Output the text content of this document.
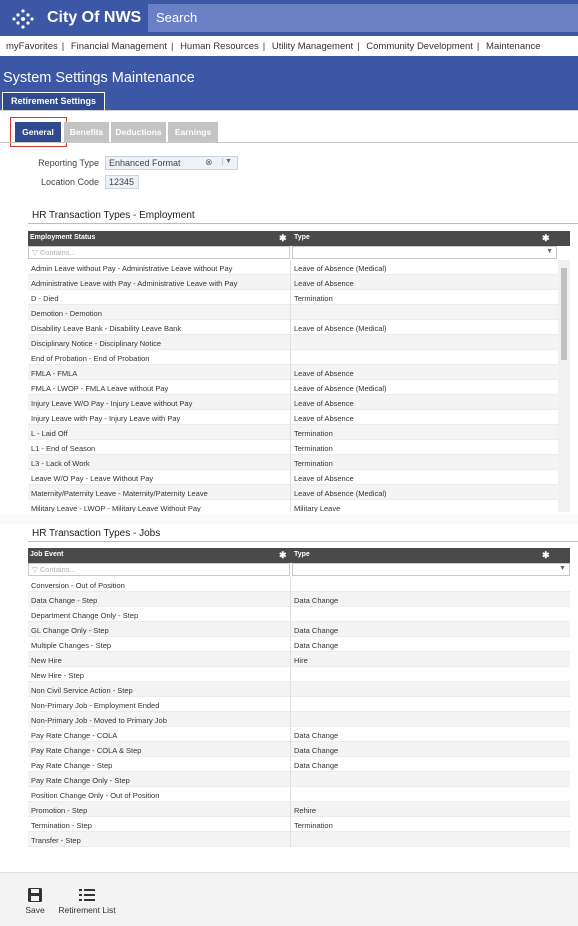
City Of NWS	Search
myFavorites | Financial Management | Human Resources | Utility Management | Community Development | Maintenance
System Settings Maintenance
Retirement Settings
General	Benefits	Deductions	Earnings
Reporting Type	Enhanced Format	⊗	▼
Location Code	12345
HR Transaction Types - Employment
Employment Status	✱ Type	✱
▽ Contains...	▼
Admin Leave without Pay - Administrative Leave without Pay	Leave of Absence (Medical)
Administrative Leave with Pay - Administrative Leave with Pay	Leave of Absence
D - Died	Termination
Demotion - Demotion
Disability Leave Bank - Disability Leave Bank	Leave of Absence (Medical)
Disciplinary Notice - Disciplinary Notice
End of Probation - End of Probation
FMLA - FMLA	Leave of Absence
FMLA - LWOP - FMLA Leave without Pay	Leave of Absence (Medical)
Injury Leave W/O Pay - Injury Leave without Pay	Leave of Absence
Injury Leave with Pay - Injury Leave with Pay	Leave of Absence
L - Laid Off	Termination
L1 - End of Season	Termination
L3 - Lack of Work	Termination
Leave W/O Pay - Leave Without Pay	Leave of Absence
Maternity/Paternity Leave - Maternity/Paternity Leave	Leave of Absence (Medical)
Military Leave - LWOP - Military Leave Without Pay	Military Leave
HR Transaction Types - Jobs
Job Event	✱ Type	✱
▽ Contains...	▼
Conversion - Out of Position
Data Change - Step	Data Change
Department Change Only - Step
GL Change Only - Step	Data Change
Multiple Changes - Step	Data Change
New Hire	Hire
New Hire - Step
Non Civil Service Action - Step
Non-Primary Job - Employment Ended
Non-Primary Job - Moved to Primary Job
Pay Rate Change - COLA	Data Change
Pay Rate Change - COLA & Step	Data Change
Pay Rate Change - Step	Data Change
Pay Rate Change Only - Step
Position Change Only - Out of Position
Promotion - Step	Rehire
Termination - Step	Termination
Transfer - Step
Save	Retirement List
